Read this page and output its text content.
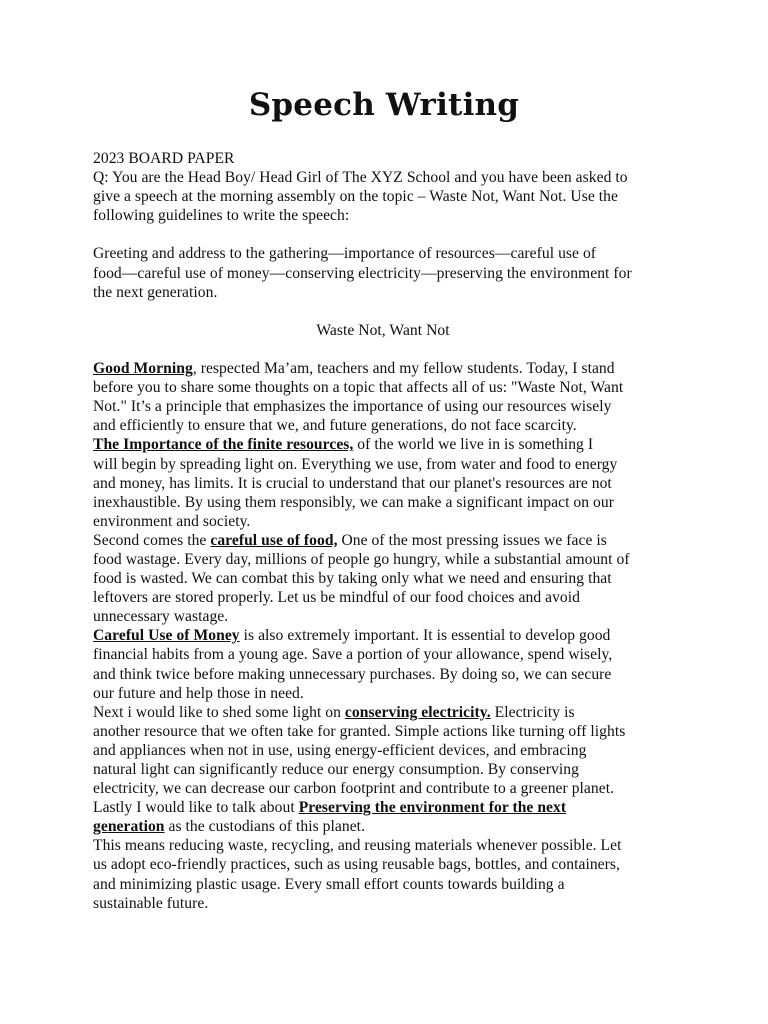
Speech Writing

2023 BOARD PAPER

Q: You are the Head Boy/ Head Girl of The XYZ School and you have been asked to

give a speech at the morning assembly on the topic – Waste Not, Want Not. Use the

following guidelines to write the speech:

Greeting and address to the gathering—importance of resources—careful use of

food—careful use of money—conserving electricity—preserving the environment for

the next generation.

Waste Not, Want Not

Good Morning, respected Ma’am, teachers and my fellow students. Today, I stand

before you to share some thoughts on a topic that affects all of us: "Waste Not, Want

Not." It’s a principle that emphasizes the importance of using our resources wisely

and efficiently to ensure that we, and future generations, do not face scarcity.

The Importance of the finite resources, of the world we live in is something I

will begin by spreading light on. Everything we use, from water and food to energy

and money, has limits. It is crucial to understand that our planet's resources are not

inexhaustible. By using them responsibly, we can make a significant impact on our

environment and society.

Second comes the careful use of food, One of the most pressing issues we face is

food wastage. Every day, millions of people go hungry, while a substantial amount of

food is wasted. We can combat this by taking only what we need and ensuring that

leftovers are stored properly. Let us be mindful of our food choices and avoid

unnecessary wastage.

Careful Use of Money is also extremely important. It is essential to develop good

financial habits from a young age. Save a portion of your allowance, spend wisely,

and think twice before making unnecessary purchases. By doing so, we can secure

our future and help those in need.

Next i would like to shed some light on conserving electricity. Electricity is

another resource that we often take for granted. Simple actions like turning off lights

and appliances when not in use, using energy-efficient devices, and embracing

natural light can significantly reduce our energy consumption. By conserving

electricity, we can decrease our carbon footprint and contribute to a greener planet.

Lastly I would like to talk about Preserving the environment for the next

generation as the custodians of this planet.

This means reducing waste, recycling, and reusing materials whenever possible. Let

us adopt eco-friendly practices, such as using reusable bags, bottles, and containers,

and minimizing plastic usage. Every small effort counts towards building a

sustainable future.
